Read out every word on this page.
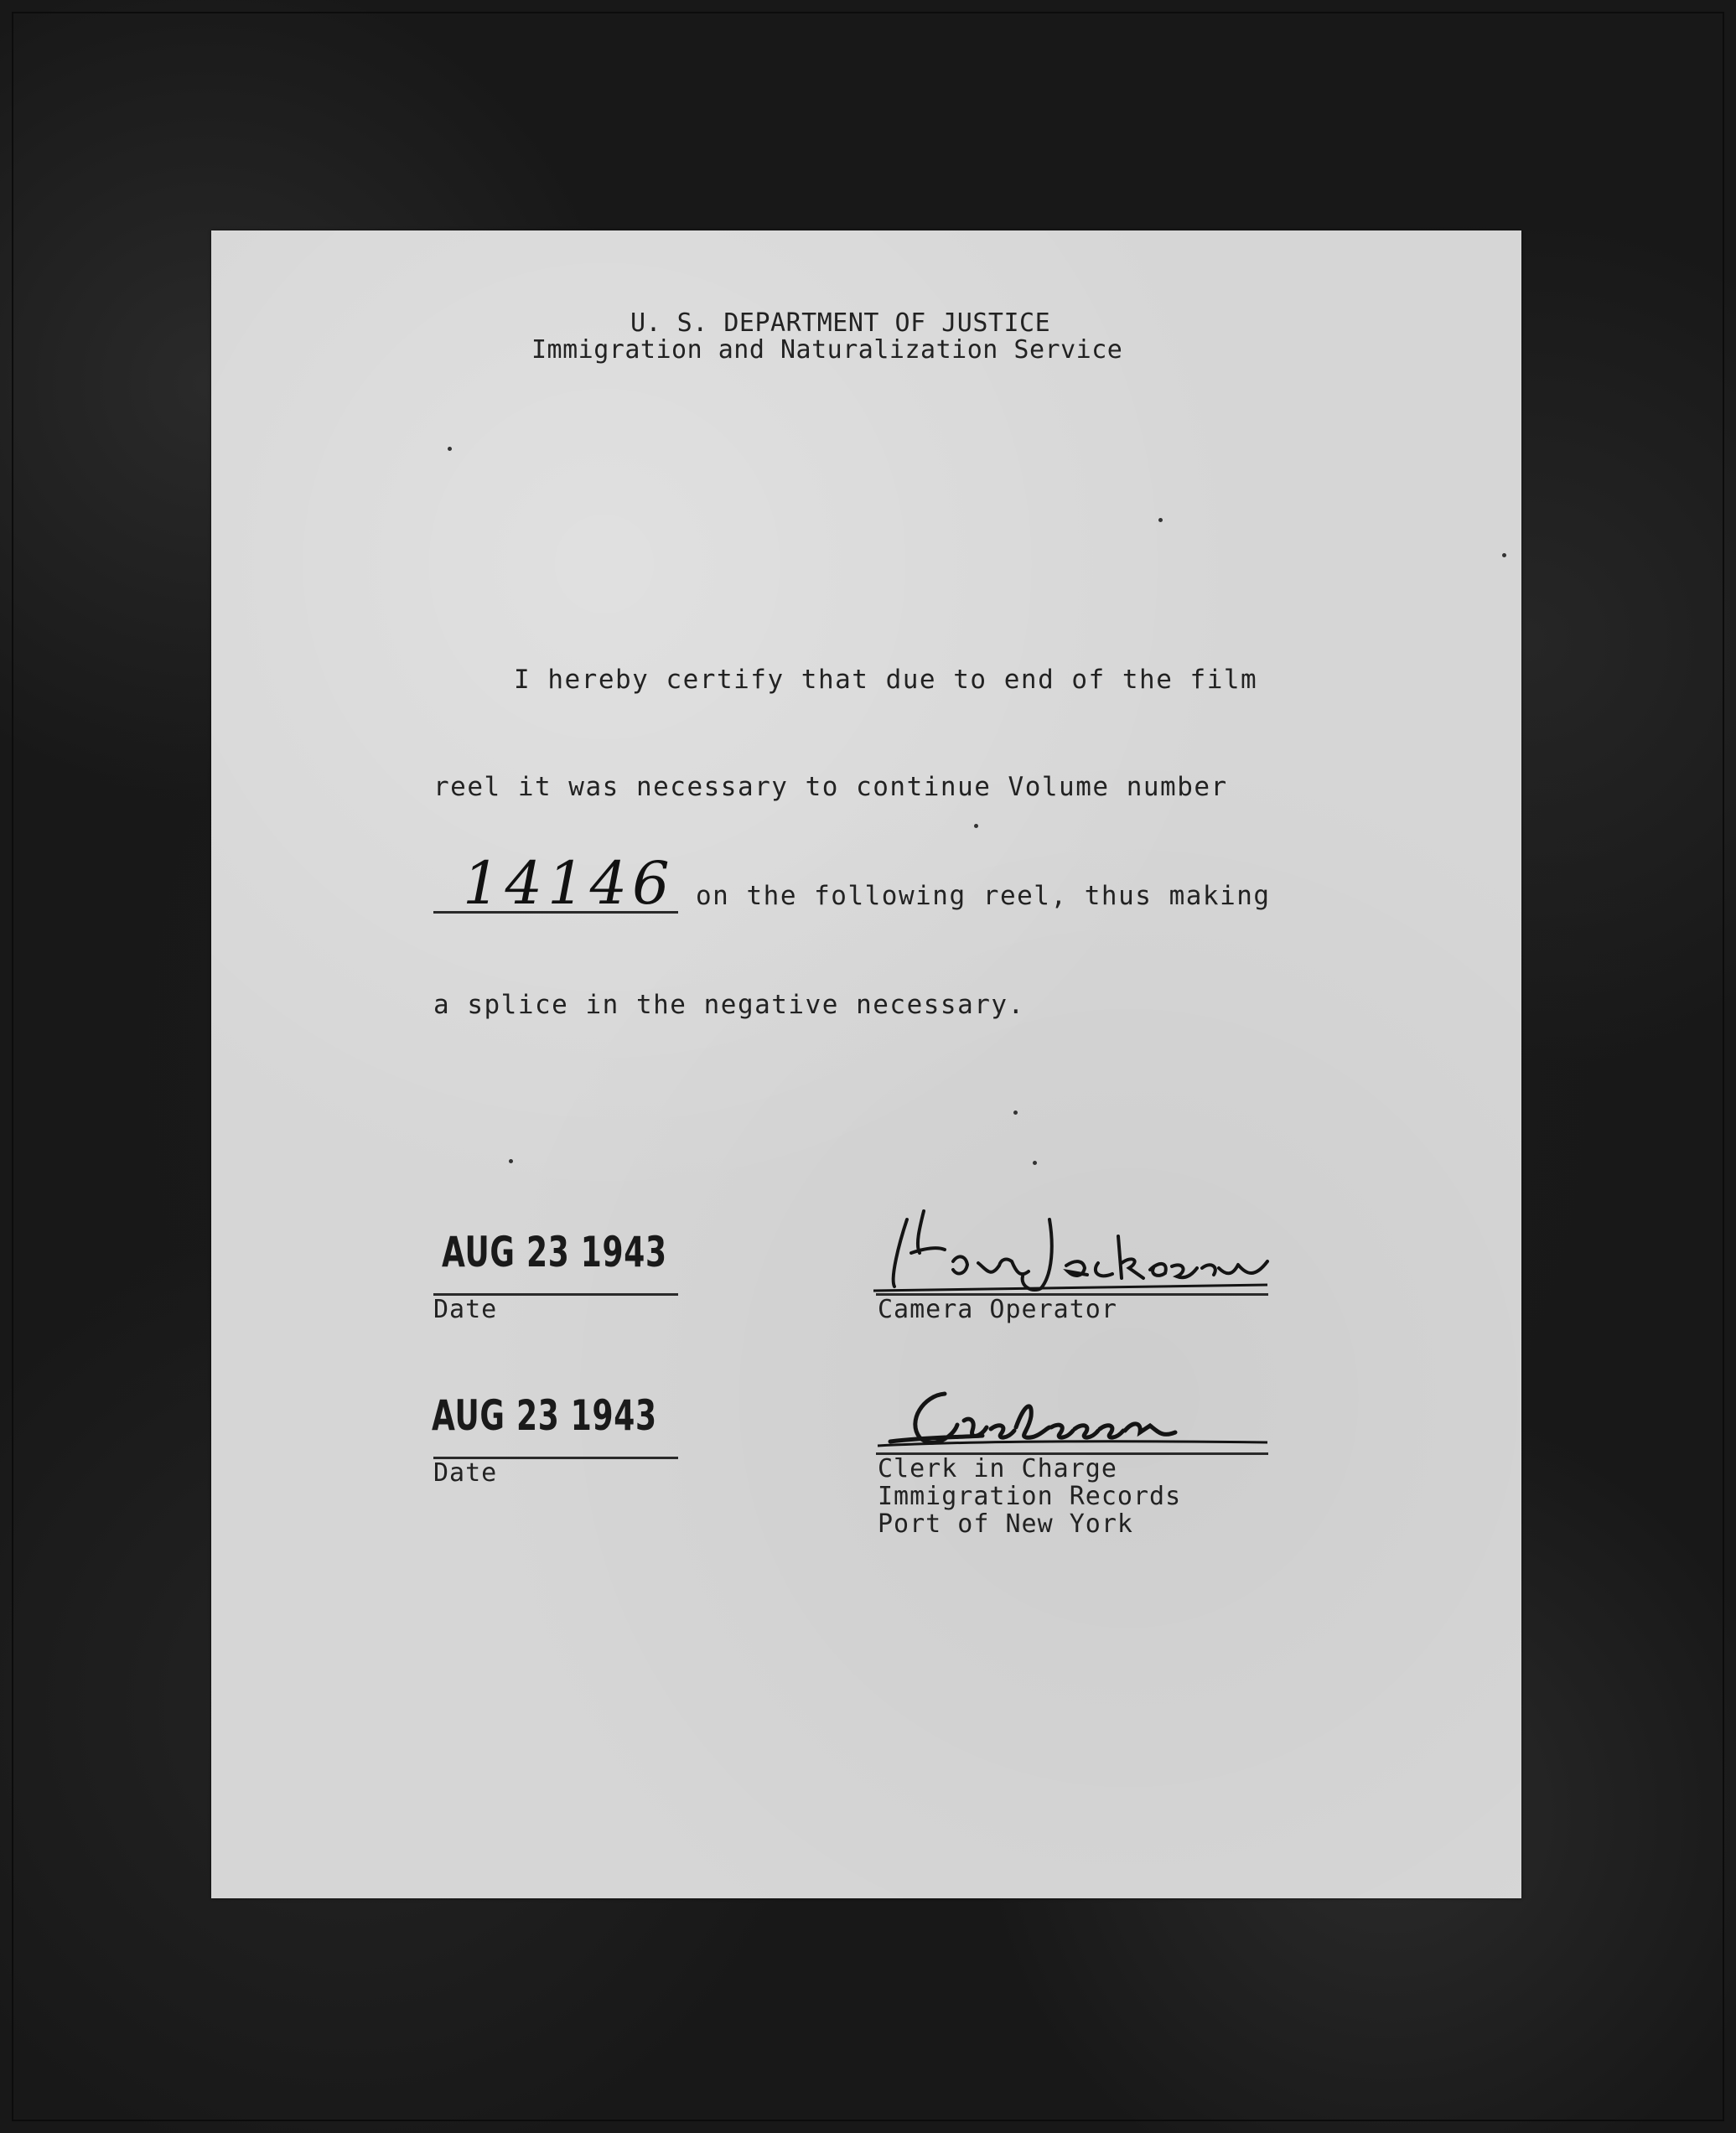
U. S. DEPARTMENT OF JUSTICE
Immigration and Naturalization Service
I hereby certify that due to end of the film
reel it was necessary to continue Volume number
14146 on the following reel, thus making
a splice in the negative necessary.
AUG 23 1943
Date	Camera Operator
AUG 23 1943
Date	Clerk in Charge
Immigration Records
Port of New York
